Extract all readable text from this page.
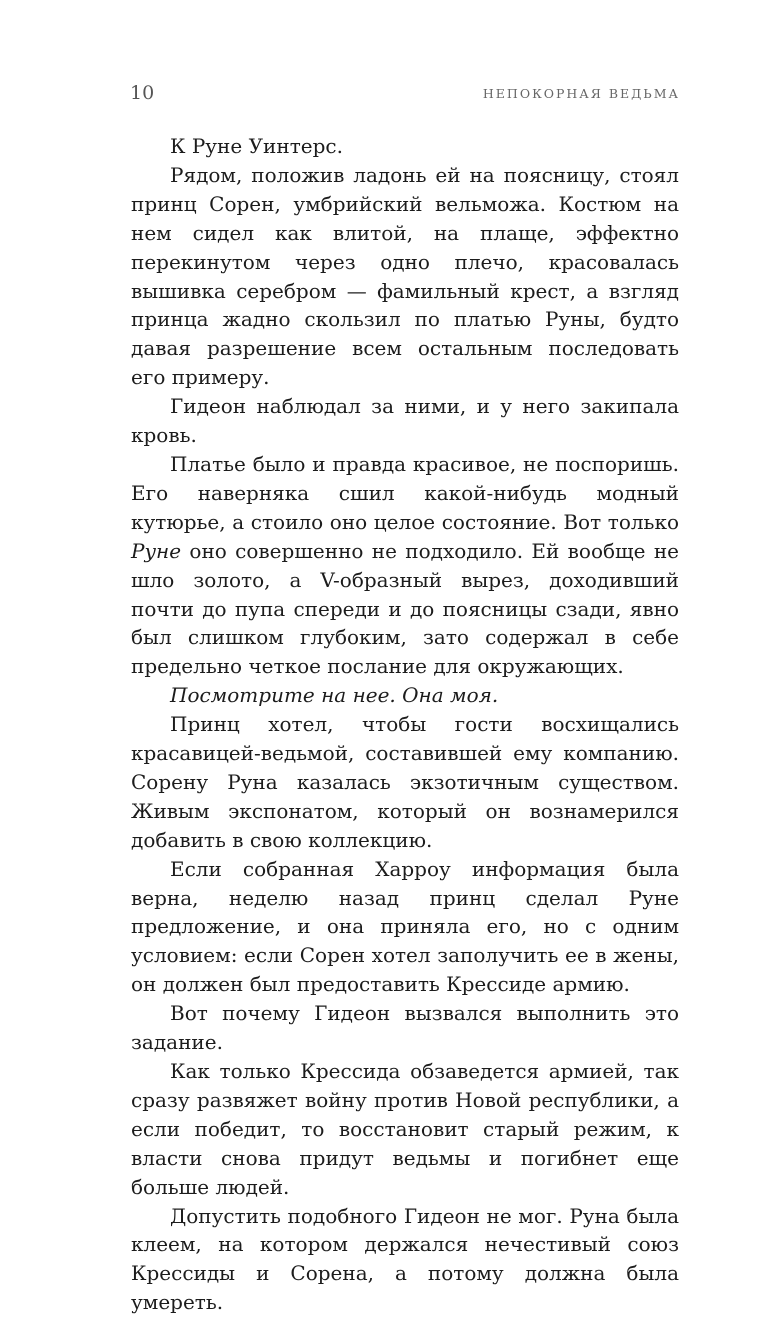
10	НЕПОКОРНАЯ ВЕДЬМА

К Руне Уинтерс.

Рядом, положив ладонь ей на поясницу, стоял принц Сорен, умбрийский вельможа. Костюм на нем сидел как влитой, на плаще, эффектно перекинутом через одно плечо, красовалась вышивка серебром — фамильный крест, а взгляд принца жадно скользил по платью Руны, будто давая разрешение всем остальным последовать его примеру.

Гидеон наблюдал за ними, и у него закипала кровь.

Платье было и правда красивое, не поспоришь. Его наверняка сшил какой-нибудь модный кутюрье, а стоило оно целое состояние. Вот только Руне оно совершенно не подходило. Ей вообще не шло золото, а V-образный вырез, доходивший почти до пупа спереди и до поясницы сзади, явно был слишком глубоким, зато содержал в себе предельно четкое послание для окружающих.

Посмотрите на нее. Она моя.

Принц хотел, чтобы гости восхищались красавицей-ведьмой, составившей ему компанию. Сорену Руна казалась экзотичным существом. Живым экспонатом, который он вознамерился добавить в свою коллекцию.

Если собранная Харроу информация была верна, неделю назад принц сделал Руне предложение, и она приняла его, но с одним условием: если Сорен хотел заполучить ее в жены, он должен был предоставить Крессиде армию.

Вот почему Гидеон вызвался выполнить это задание.

Как только Крессида обзаведется армией, так сразу развяжет войну против Новой республики, а если победит, то восстановит старый режим, к власти снова придут ведьмы и погибнет еще больше людей.

Допустить подобного Гидеон не мог. Руна была клеем, на котором держался нечестивый союз Крессиды и Сорена, а потому должна была умереть.
